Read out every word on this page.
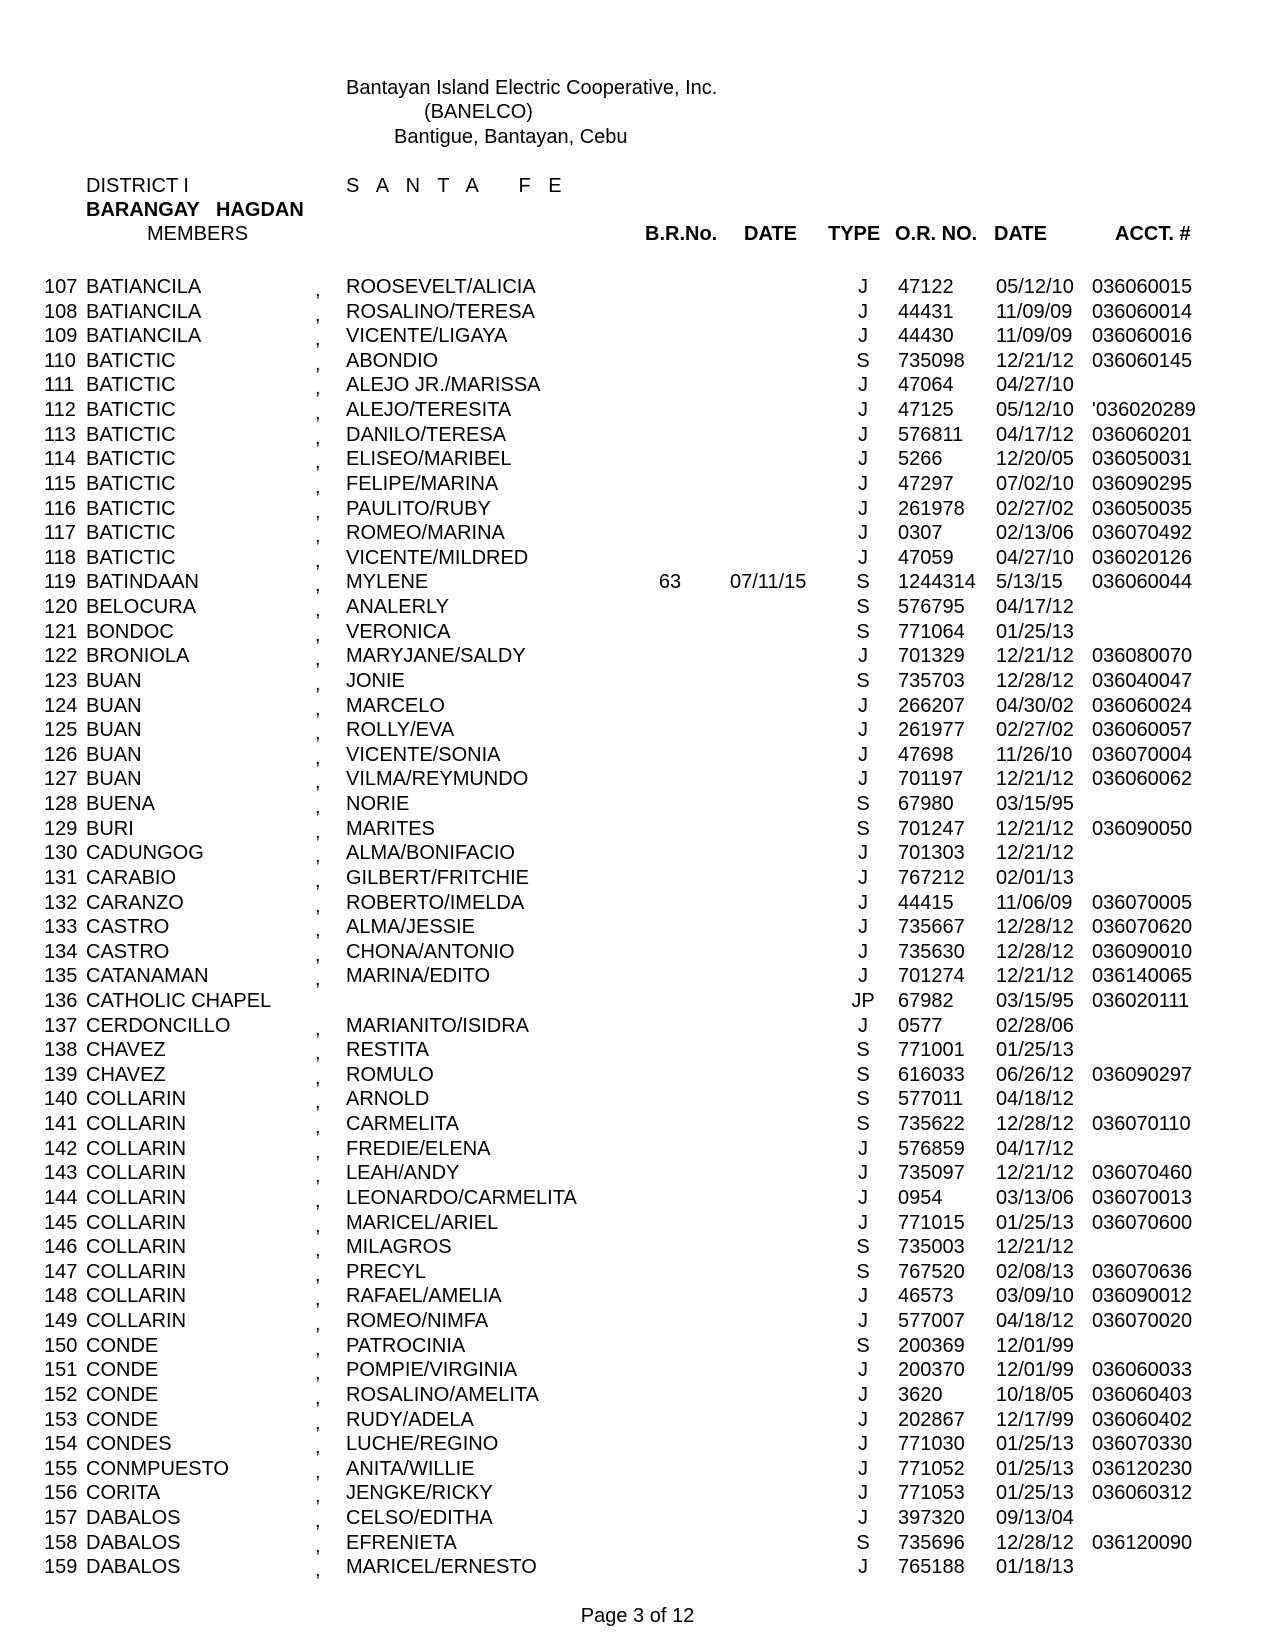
Bantayan Island Electric Cooperative, Inc.
(BANELCO)
Bantigue, Bantayan, Cebu
DISTRICT I	S A N T A   F E
BARANGAY   HAGDAN
MEMBERS	B.R.No. DATE TYPE O.R. NO. DATE	ACCT. #
107 BATIANCILA	, ROOSEVELT/ALICIA	J	47122 05/12/10 036060015
108 BATIANCILA	, ROSALINO/TERESA	J	44431 11/09/09 036060014
109 BATIANCILA	, VICENTE/LIGAYA	J	44430 11/09/09 036060016
110 BATICTIC	, ABONDIO	S	735098 12/21/12 036060145
111 BATICTIC	, ALEJO JR./MARISSA	J	47064 04/27/10
112 BATICTIC	, ALEJO/TERESITA	J	47125 05/12/10 '036020289
113 BATICTIC	, DANILO/TERESA	J	576811 04/17/12 036060201
114 BATICTIC	, ELISEO/MARIBEL	J	5266	12/20/05 036050031
115 BATICTIC	, FELIPE/MARINA	J	47297 07/02/10 036090295
116 BATICTIC	, PAULITO/RUBY	J	261978 02/27/02 036050035
117 BATICTIC	, ROMEO/MARINA	J	0307	02/13/06 036070492
118 BATICTIC	, VICENTE/MILDRED	J	47059 04/27/10 036020126
119 BATINDAAN	, MYLENE	63	07/11/15	S	1244314 5/13/15 036060044
120 BELOCURA	, ANALERLY	S	576795 04/17/12
121 BONDOC	, VERONICA	S	771064 01/25/13
122 BRONIOLA	, MARYJANE/SALDY	J	701329 12/21/12 036080070
123 BUAN	, JONIE	S	735703 12/28/12 036040047
124 BUAN	, MARCELO	J	266207 04/30/02 036060024
125 BUAN	, ROLLY/EVA	J	261977 02/27/02 036060057
126 BUAN	, VICENTE/SONIA	J	47698 11/26/10 036070004
127 BUAN	, VILMA/REYMUNDO	J	701197 12/21/12 036060062
128 BUENA	, NORIE	S	67980 03/15/95
129 BURI	, MARITES	S	701247 12/21/12 036090050
130 CADUNGOG	, ALMA/BONIFACIO	J	701303 12/21/12
131 CARABIO	, GILBERT/FRITCHIE	J	767212 02/01/13
132 CARANZO	, ROBERTO/IMELDA	J	44415 11/06/09 036070005
133 CASTRO	, ALMA/JESSIE	J	735667 12/28/12 036070620
134 CASTRO	, CHONA/ANTONIO	J	735630 12/28/12 036090010
135 CATANAMAN	, MARINA/EDITO	J	701274 12/21/12 036140065
136 CATHOLIC CHAPEL	JP 67982 03/15/95 036020111
137 CERDONCILLO	, MARIANITO/ISIDRA	J	0577	02/28/06
138 CHAVEZ	, RESTITA	S	771001 01/25/13
139 CHAVEZ	, ROMULO	S	616033 06/26/12 036090297
140 COLLARIN	, ARNOLD	S	577011 04/18/12
141 COLLARIN	, CARMELITA	S	735622 12/28/12 036070110
142 COLLARIN	, FREDIE/ELENA	J	576859 04/17/12
143 COLLARIN	, LEAH/ANDY	J	735097 12/21/12 036070460
144 COLLARIN	, LEONARDO/CARMELITA	J	0954	03/13/06 036070013
145 COLLARIN	, MARICEL/ARIEL	J	771015 01/25/13 036070600
146 COLLARIN	, MILAGROS	S	735003 12/21/12
147 COLLARIN	, PRECYL	S	767520 02/08/13 036070636
148 COLLARIN	, RAFAEL/AMELIA	J	46573 03/09/10 036090012
149 COLLARIN	, ROMEO/NIMFA	J	577007 04/18/12 036070020
150 CONDE	, PATROCINIA	S	200369 12/01/99
151 CONDE	, POMPIE/VIRGINIA	J	200370 12/01/99 036060033
152 CONDE	, ROSALINO/AMELITA	J	3620	10/18/05 036060403
153 CONDE	, RUDY/ADELA	J	202867 12/17/99 036060402
154 CONDES	, LUCHE/REGINO	J	771030 01/25/13 036070330
155 CONMPUESTO	, ANITA/WILLIE	J	771052 01/25/13 036120230
156 CORITA	, JENGKE/RICKY	J	771053 01/25/13 036060312
157 DABALOS	, CELSO/EDITHA	J	397320 09/13/04
158 DABALOS	, EFRENIETA	S	735696 12/28/12 036120090
159 DABALOS	, MARICEL/ERNESTO	J	765188 01/18/13
Page 3 of 12
